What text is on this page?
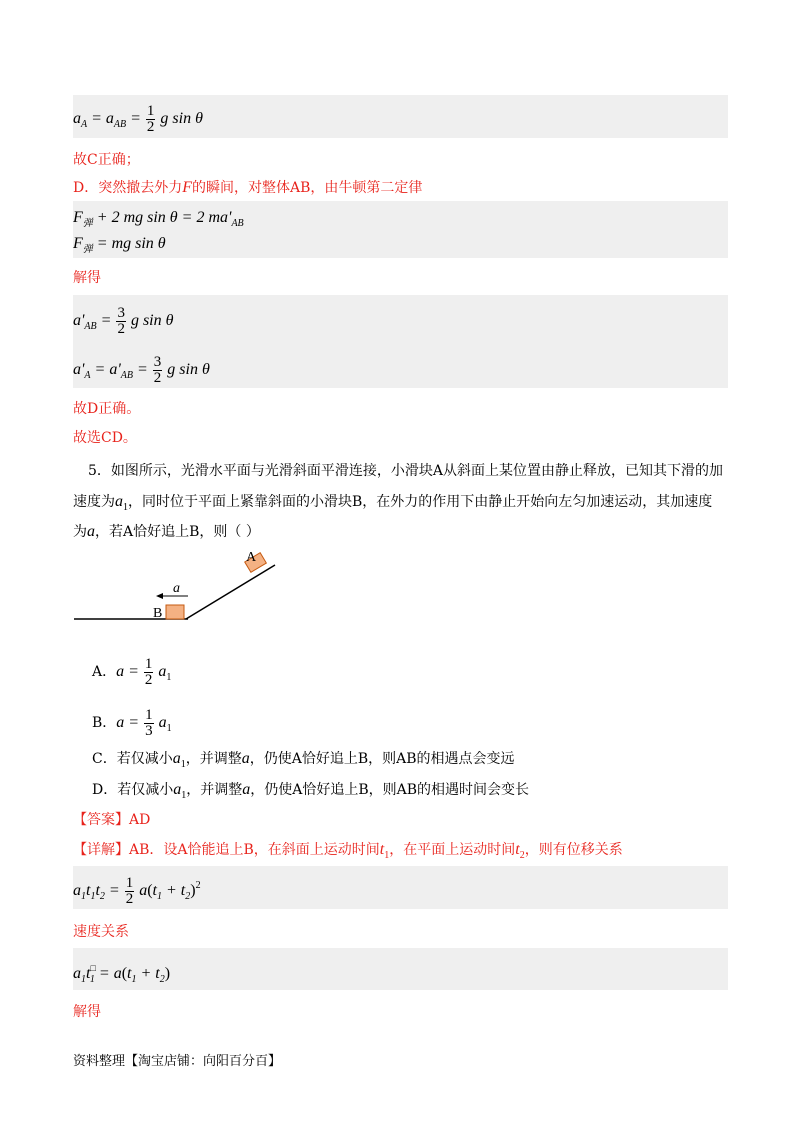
$a_A = a_{AB} = \frac{1}{2}$ g sin θ
故C正确；
D．突然撤去外力F的瞬间，对整体AB，由牛顿第二定律
$F_弹 + 2$ mg sin θ = 2 $ma'_{AB}$
$F_弹$ = mg sin θ
解得
$a'_{AB} = \frac{3}{2}$ g sin θ
$a'_A = a'_{AB} = \frac{3}{2}$ g sin θ
故D正确。
故选CD。
5．如图所示，光滑水平面与光滑斜面平滑连接，小滑块A从斜面上某位置由静止释放，已知其下滑的加
速度为$a_1$，同时位于平面上紧靠斜面的小滑块B，在外力的作用下由静止开始向左匀加速运动，其加速度
为a，若A恰好追上B，则（ ）
B
A
a
A．$a = \frac{1}{2} a_1$
B．$a = \frac{1}{3} a_1$
C．若仅减小$a_1$，并调整a，仍使A恰好追上B，则AB的相遇点会变远
D．若仅减小$a_1$，并调整a，仍使A恰好追上B，则AB的相遇时间会变长
【答案】AD
【详解】AB．设A恰能追上B，在斜面上运动时间$t_1$，在平面上运动时间$t_2$，则有位移关系
$a_1t_1t_2 = \frac{1}{2} a(t_1 + t_2)^2$
速度关系
$a_1t^□_1 = a(t_1 + t_2)$
解得
资料整理【淘宝店铺：向阳百分百】
